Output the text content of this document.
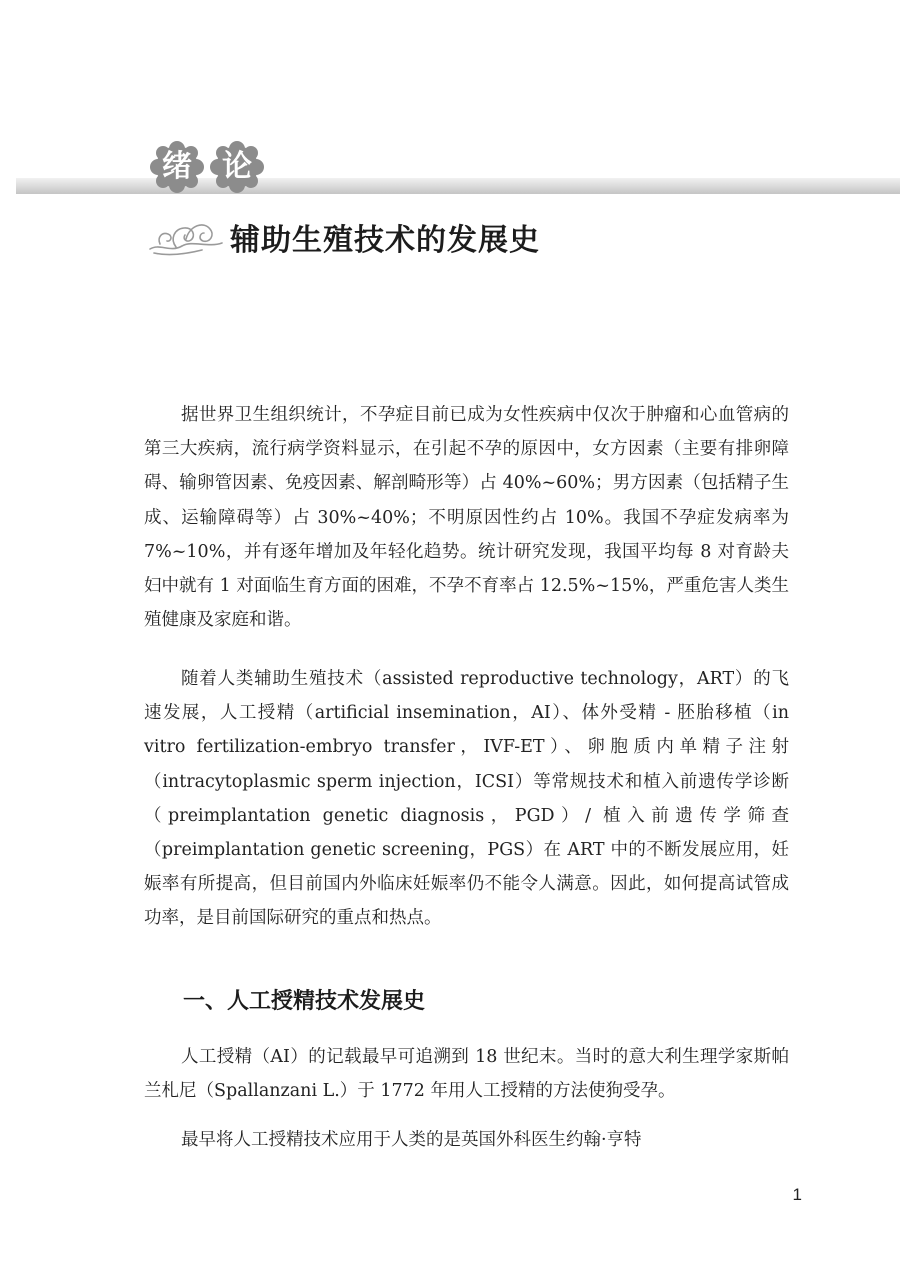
绪	论
辅助生殖技术的发展史

据世界卫生组织统计，不孕症目前已成为女性疾病中仅次于肿瘤和心血管病的第三大疾病，流行病学资料显示，在引起不孕的原因中，女方因素（主要有排卵障碍、输卵管因素、免疫因素、解剖畸形等）占 40%~60%；男方因素（包括精子生成、运输障碍等）占 30%~40%；不明原因性约占 10%。我国不孕症发病率为 7%~10%，并有逐年增加及年轻化趋势。统计研究发现，我国平均每 8 对育龄夫妇中就有 1 对面临生育方面的困难，不孕不育率占 12.5%~15%，严重危害人类生殖健康及家庭和谐。

随着人类辅助生殖技术（assisted reproductive technology，ART）的飞速发展，人工授精（artificial insemination，AI）、体外受精 - 胚胎移植（in vitro fertilization-embryo transfer，IVF-ET）、卵胞质内单精子注射（intracytoplasmic sperm injection，ICSI）等常规技术和植入前遗传学诊断（preimplantation genetic diagnosis，PGD）/ 植入前遗传学筛查（preimplantation genetic screening，PGS）在 ART 中的不断发展应用，妊娠率有所提高，但目前国内外临床妊娠率仍不能令人满意。因此，如何提高试管成功率，是目前国际研究的重点和热点。

一、人工授精技术发展史

人工授精（AI）的记载最早可追溯到 18 世纪末。当时的意大利生理学家斯帕兰札尼（Spallanzani L.）于 1772 年用人工授精的方法使狗受孕。

最早将人工授精技术应用于人类的是英国外科医生约翰·亨特

1
